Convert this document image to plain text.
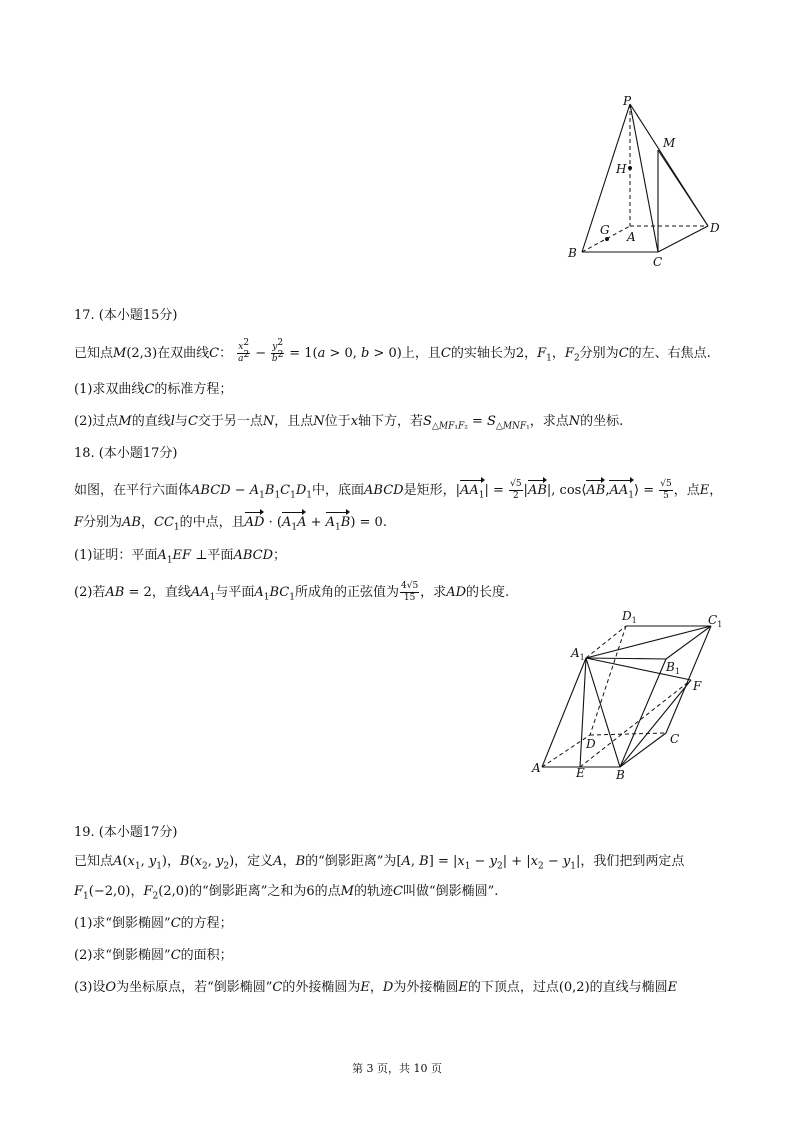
P
M
H
G A
D
B
C
17. (本小题15分)
已知点M(2,3)在双曲线C： $\frac{x^2}{a^2} - \frac{y^2}{b^2} = 1(a > 0$, b > 0)上，且C的实轴长为2，$F_1$，$F_2$分别为C的左、右焦点.
(1)求双曲线C的标准方程；
(2)过点M的直线l与C交于另一点N，且点N位于x轴下方，若$S_{\triangle MF_1F_2} = S_{\triangle MNF_1}$，求点N的坐标.
18. (本小题17分)
如图，在平行六面体ABCD − $A_1B_1C_1D_1$中，底面ABCD是矩形，$|AA_1| = \frac{√5}{2} |AB|$, $\cos⟨AB,AA_1⟩ = \frac{√5}{5}$ ，点E，
F分别为AB，$CC_1$的中点，且AD · $(A_1A + A_1B) = 0$.
(1)证明：平面$A_1EF$ ⊥平面ABCD；
(2)若AB = 2，直线$AA_1$与平面$A_1BC_1$所成角的正弦值为 $\frac{4√5}{15}$ ，求AD的长度.
$D_1$	$C_1$
$A_1$
$B_1$
F
D	C
A	E	B
19. (本小题17分)
已知点$A(x_1$, $y_1$)，$B(x_2$, $y_2$)，定义A，B的“倒影距离”为[A, $B] = |x_1 - y_2| + |x_2 - y_1|$，我们把到两定点
$F_1(-2,0)$，$F_2(2,0)$的“倒影距离”之和为6的点M的轨迹C叫做“倒影椭圆”.
(1)求“倒影椭圆”C的方程；
(2)求“倒影椭圆”C的面积；
(3)设O为坐标原点，若“倒影椭圆”C的外接椭圆为E，D为外接椭圆E的下顶点，过点(0,2)的直线与椭圆E
第 3 页，共 10 页
